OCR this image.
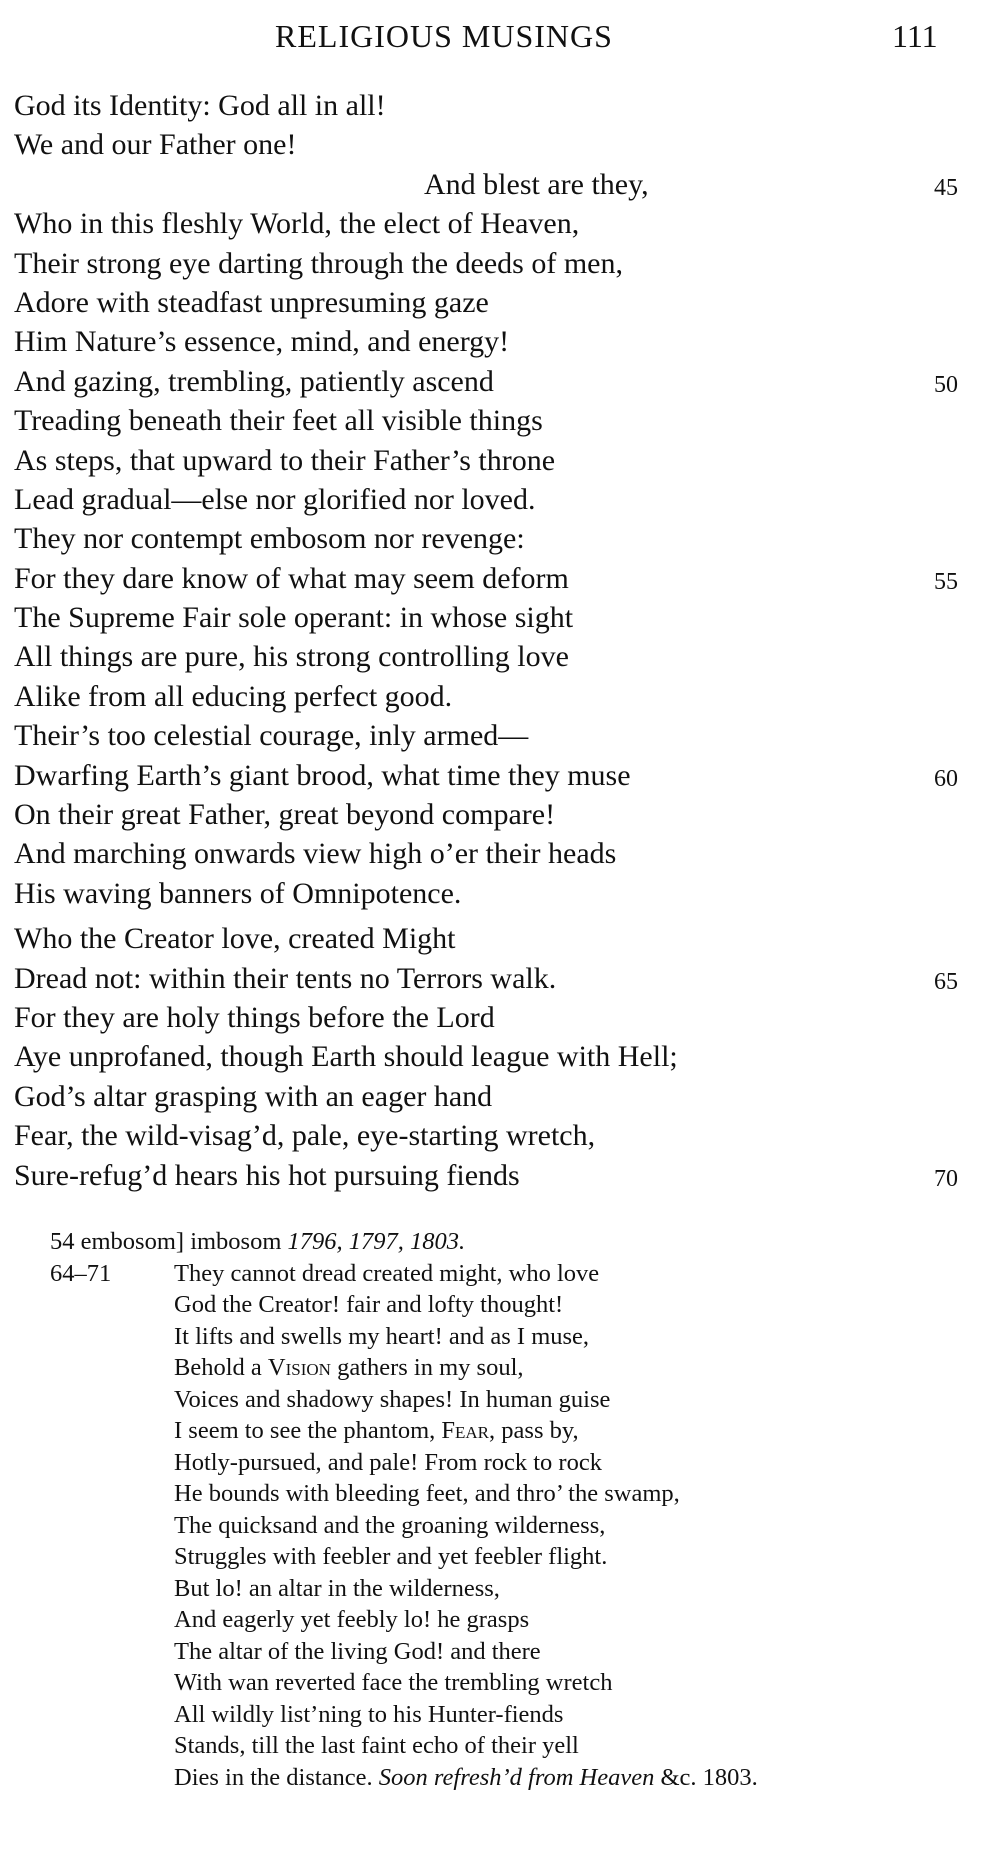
RELIGIOUS MUSINGS	111
God its Identity: God all in all!
We and our Father one!
And blest are they,	45
Who in this fleshly World, the elect of Heaven,
Their strong eye darting through the deeds of men,
Adore with steadfast unpresuming gaze
Him Nature’s essence, mind, and energy!
And gazing, trembling, patiently ascend	50
Treading beneath their feet all visible things
As steps, that upward to their Father’s throne
Lead gradual—else nor glorified nor loved.
They nor contempt embosom nor revenge:
For they dare know of what may seem deform	55
The Supreme Fair sole operant: in whose sight
All things are pure, his strong controlling love
Alike from all educing perfect good.
Their’s too celestial courage, inly armed—
Dwarfing Earth’s giant brood, what time they muse	60
On their great Father, great beyond compare!
And marching onwards view high o’er their heads
His waving banners of Omnipotence.
Who the Creator love, created Might
Dread not: within their tents no Terrors walk.	65
For they are holy things before the Lord
Aye unprofaned, though Earth should league with Hell;
God’s altar grasping with an eager hand
Fear, the wild-visag’d, pale, eye-starting wretch,
Sure-refug’d hears his hot pursuing fiends	70
54 embosom] imbosom 1796, 1797, 1803.
64–71	They cannot dread created might, who love
God the Creator! fair and lofty thought!
It lifts and swells my heart! and as I muse,
Behold a Vision gathers in my soul,
Voices and shadowy shapes! In human guise
I seem to see the phantom, Fear, pass by,
Hotly-pursued, and pale! From rock to rock
He bounds with bleeding feet, and thro’ the swamp,
The quicksand and the groaning wilderness,
Struggles with feebler and yet feebler flight.
But lo! an altar in the wilderness,
And eagerly yet feebly lo! he grasps
The altar of the living God! and there
With wan reverted face the trembling wretch
All wildly list’ning to his Hunter-fiends
Stands, till the last faint echo of their yell
Dies in the distance. Soon refresh’d from Heaven &c. 1803.
